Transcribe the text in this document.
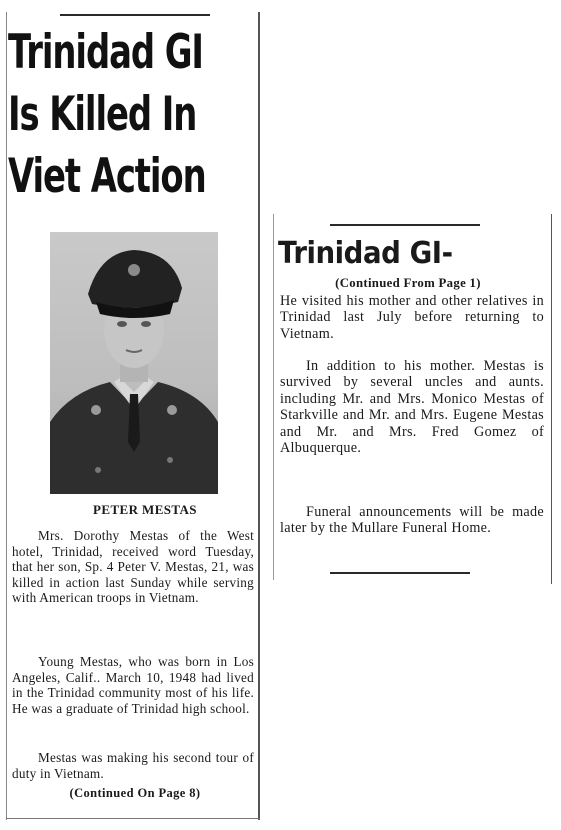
Trinidad GI
Is Killed In
Viet Action
PETER MESTAS
Mrs. Dorothy Mestas of the West hotel, Trinidad, received word Tuesday, that her son, Sp. 4 Peter V. Mestas, 21, was killed in action last Sunday while serving with American troops in Vietnam.
Young Mestas, who was born in Los Angeles, Calif.. March 10, 1948 had lived in the Trinidad community most of his life. He was a graduate of Trinidad high school.
Mestas was making his second tour of duty in Vietnam.
(Continued On Page 8)
Trinidad GI-
(Continued From Page 1)
He visited his mother and other relatives in Trinidad last July before returning to Vietnam.
In addition to his mother. Mestas is survived by several uncles and aunts. including Mr. and Mrs. Monico Mestas of Starkville and Mr. and Mrs. Eugene Mestas and Mr. and Mrs. Fred Gomez of Albuquerque.
Funeral announcements will be made later by the Mullare Funeral Home.
